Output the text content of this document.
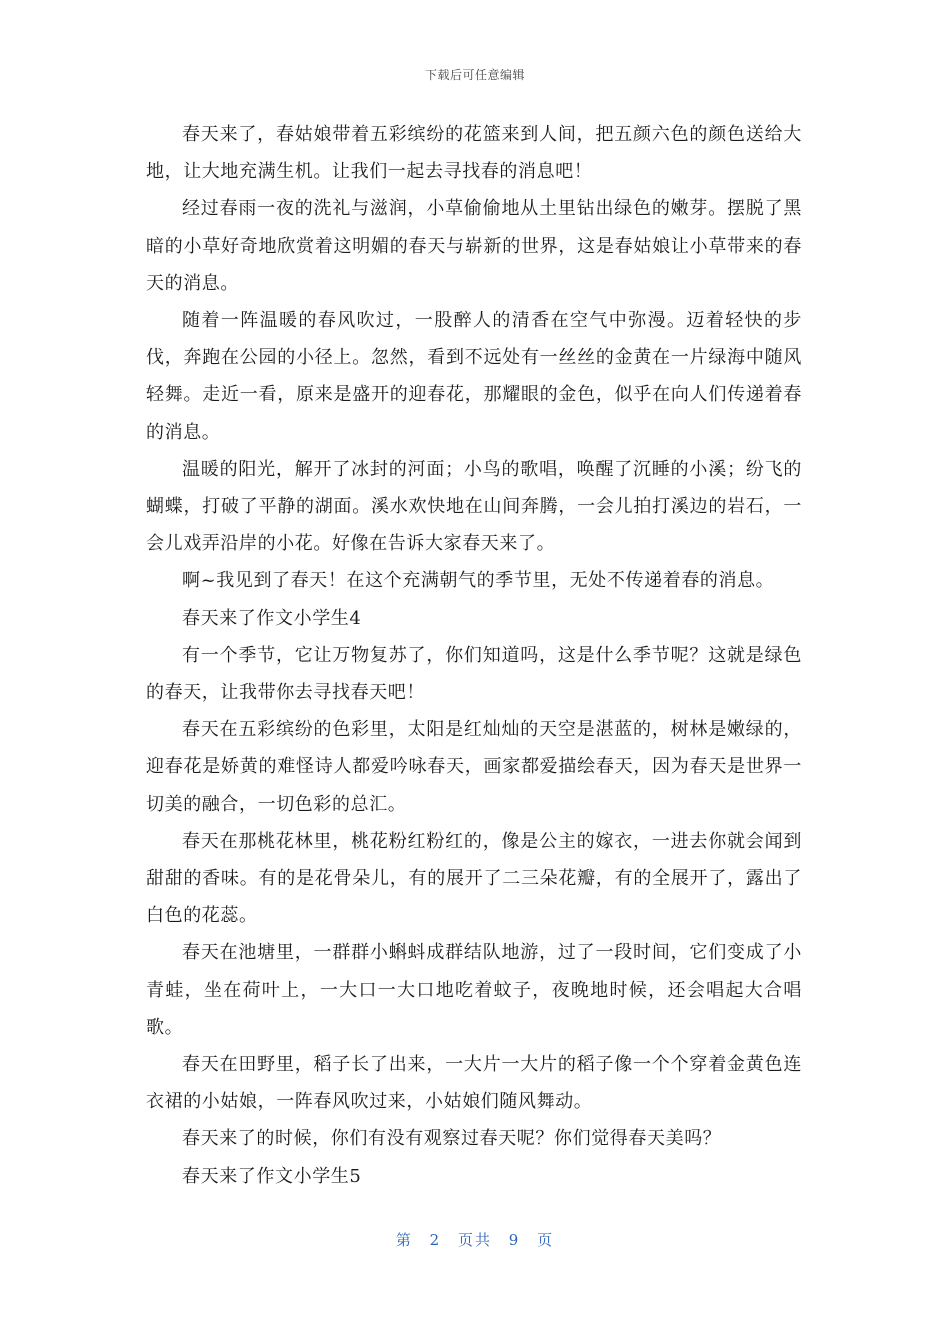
下载后可任意编辑

春天来了，春姑娘带着五彩缤纷的花篮来到人间，把五颜六色的颜色送给大地，让大地充满生机。让我们一起去寻找春的消息吧！

经过春雨一夜的洗礼与滋润，小草偷偷地从土里钻出绿色的嫩芽。摆脱了黑暗的小草好奇地欣赏着这明媚的春天与崭新的世界，这是春姑娘让小草带来的春天的消息。

随着一阵温暖的春风吹过，一股醉人的清香在空气中弥漫。迈着轻快的步伐，奔跑在公园的小径上。忽然，看到不远处有一丝丝的金黄在一片绿海中随风轻舞。走近一看，原来是盛开的迎春花，那耀眼的金色，似乎在向人们传递着春的消息。

温暖的阳光，解开了冰封的河面；小鸟的歌唱，唤醒了沉睡的小溪；纷飞的蝴蝶，打破了平静的湖面。溪水欢快地在山间奔腾，一会儿拍打溪边的岩石，一会儿戏弄沿岸的小花。好像在告诉大家春天来了。

啊~我见到了春天！在这个充满朝气的季节里，无处不传递着春的消息。

春天来了作文小学生4

有一个季节，它让万物复苏了，你们知道吗，这是什么季节呢？这就是绿色的春天，让我带你去寻找春天吧！

春天在五彩缤纷的色彩里，太阳是红灿灿的天空是湛蓝的，树林是嫩绿的，迎春花是娇黄的难怪诗人都爱吟咏春天，画家都爱描绘春天，因为春天是世界一切美的融合，一切色彩的总汇。

春天在那桃花林里，桃花粉红粉红的，像是公主的嫁衣，一进去你就会闻到甜甜的香味。有的是花骨朵儿，有的展开了二三朵花瓣，有的全展开了，露出了白色的花蕊。

春天在池塘里，一群群小蝌蚪成群结队地游，过了一段时间，它们变成了小青蛙，坐在荷叶上，一大口一大口地吃着蚊子，夜晚地时候，还会唱起大合唱歌。

春天在田野里，稻子长了出来，一大片一大片的稻子像一个个穿着金黄色连衣裙的小姑娘，一阵春风吹过来，小姑娘们随风舞动。

春天来了的时候，你们有没有观察过春天呢？你们觉得春天美吗？

春天来了作文小学生5

第 2 页共 9 页
